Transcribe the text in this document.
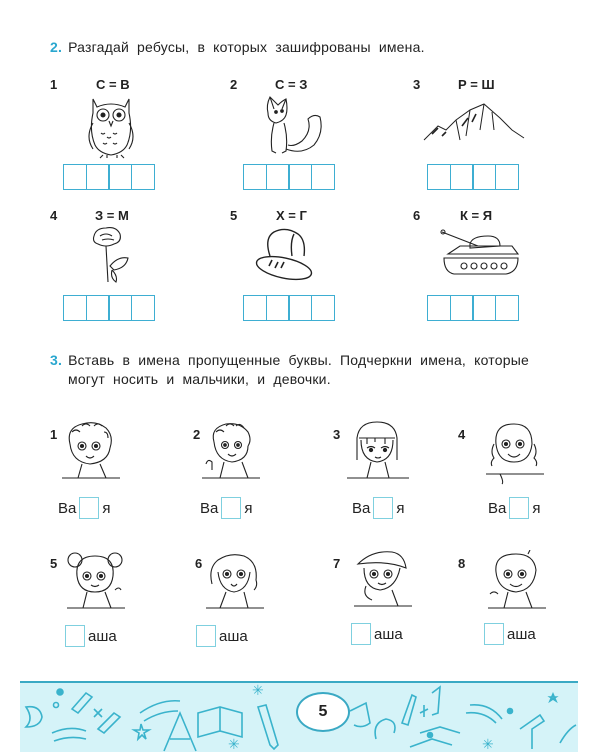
2. Разгадай ребусы, в которых зашифрованы имена.
1	С = В	2	С = З	3	Р = Ш
4	З = М	5	Х = Г	6	К = Я
3. Вставь в имена пропущенные буквы. Подчеркни имена, которые
могут носить и мальчики, и девочки.
1
Ва я
2
Ва я
3
Ва я
4
Ва я
5
аша
6
аша
7
аша
8
аша
✳
✳	✳
5
